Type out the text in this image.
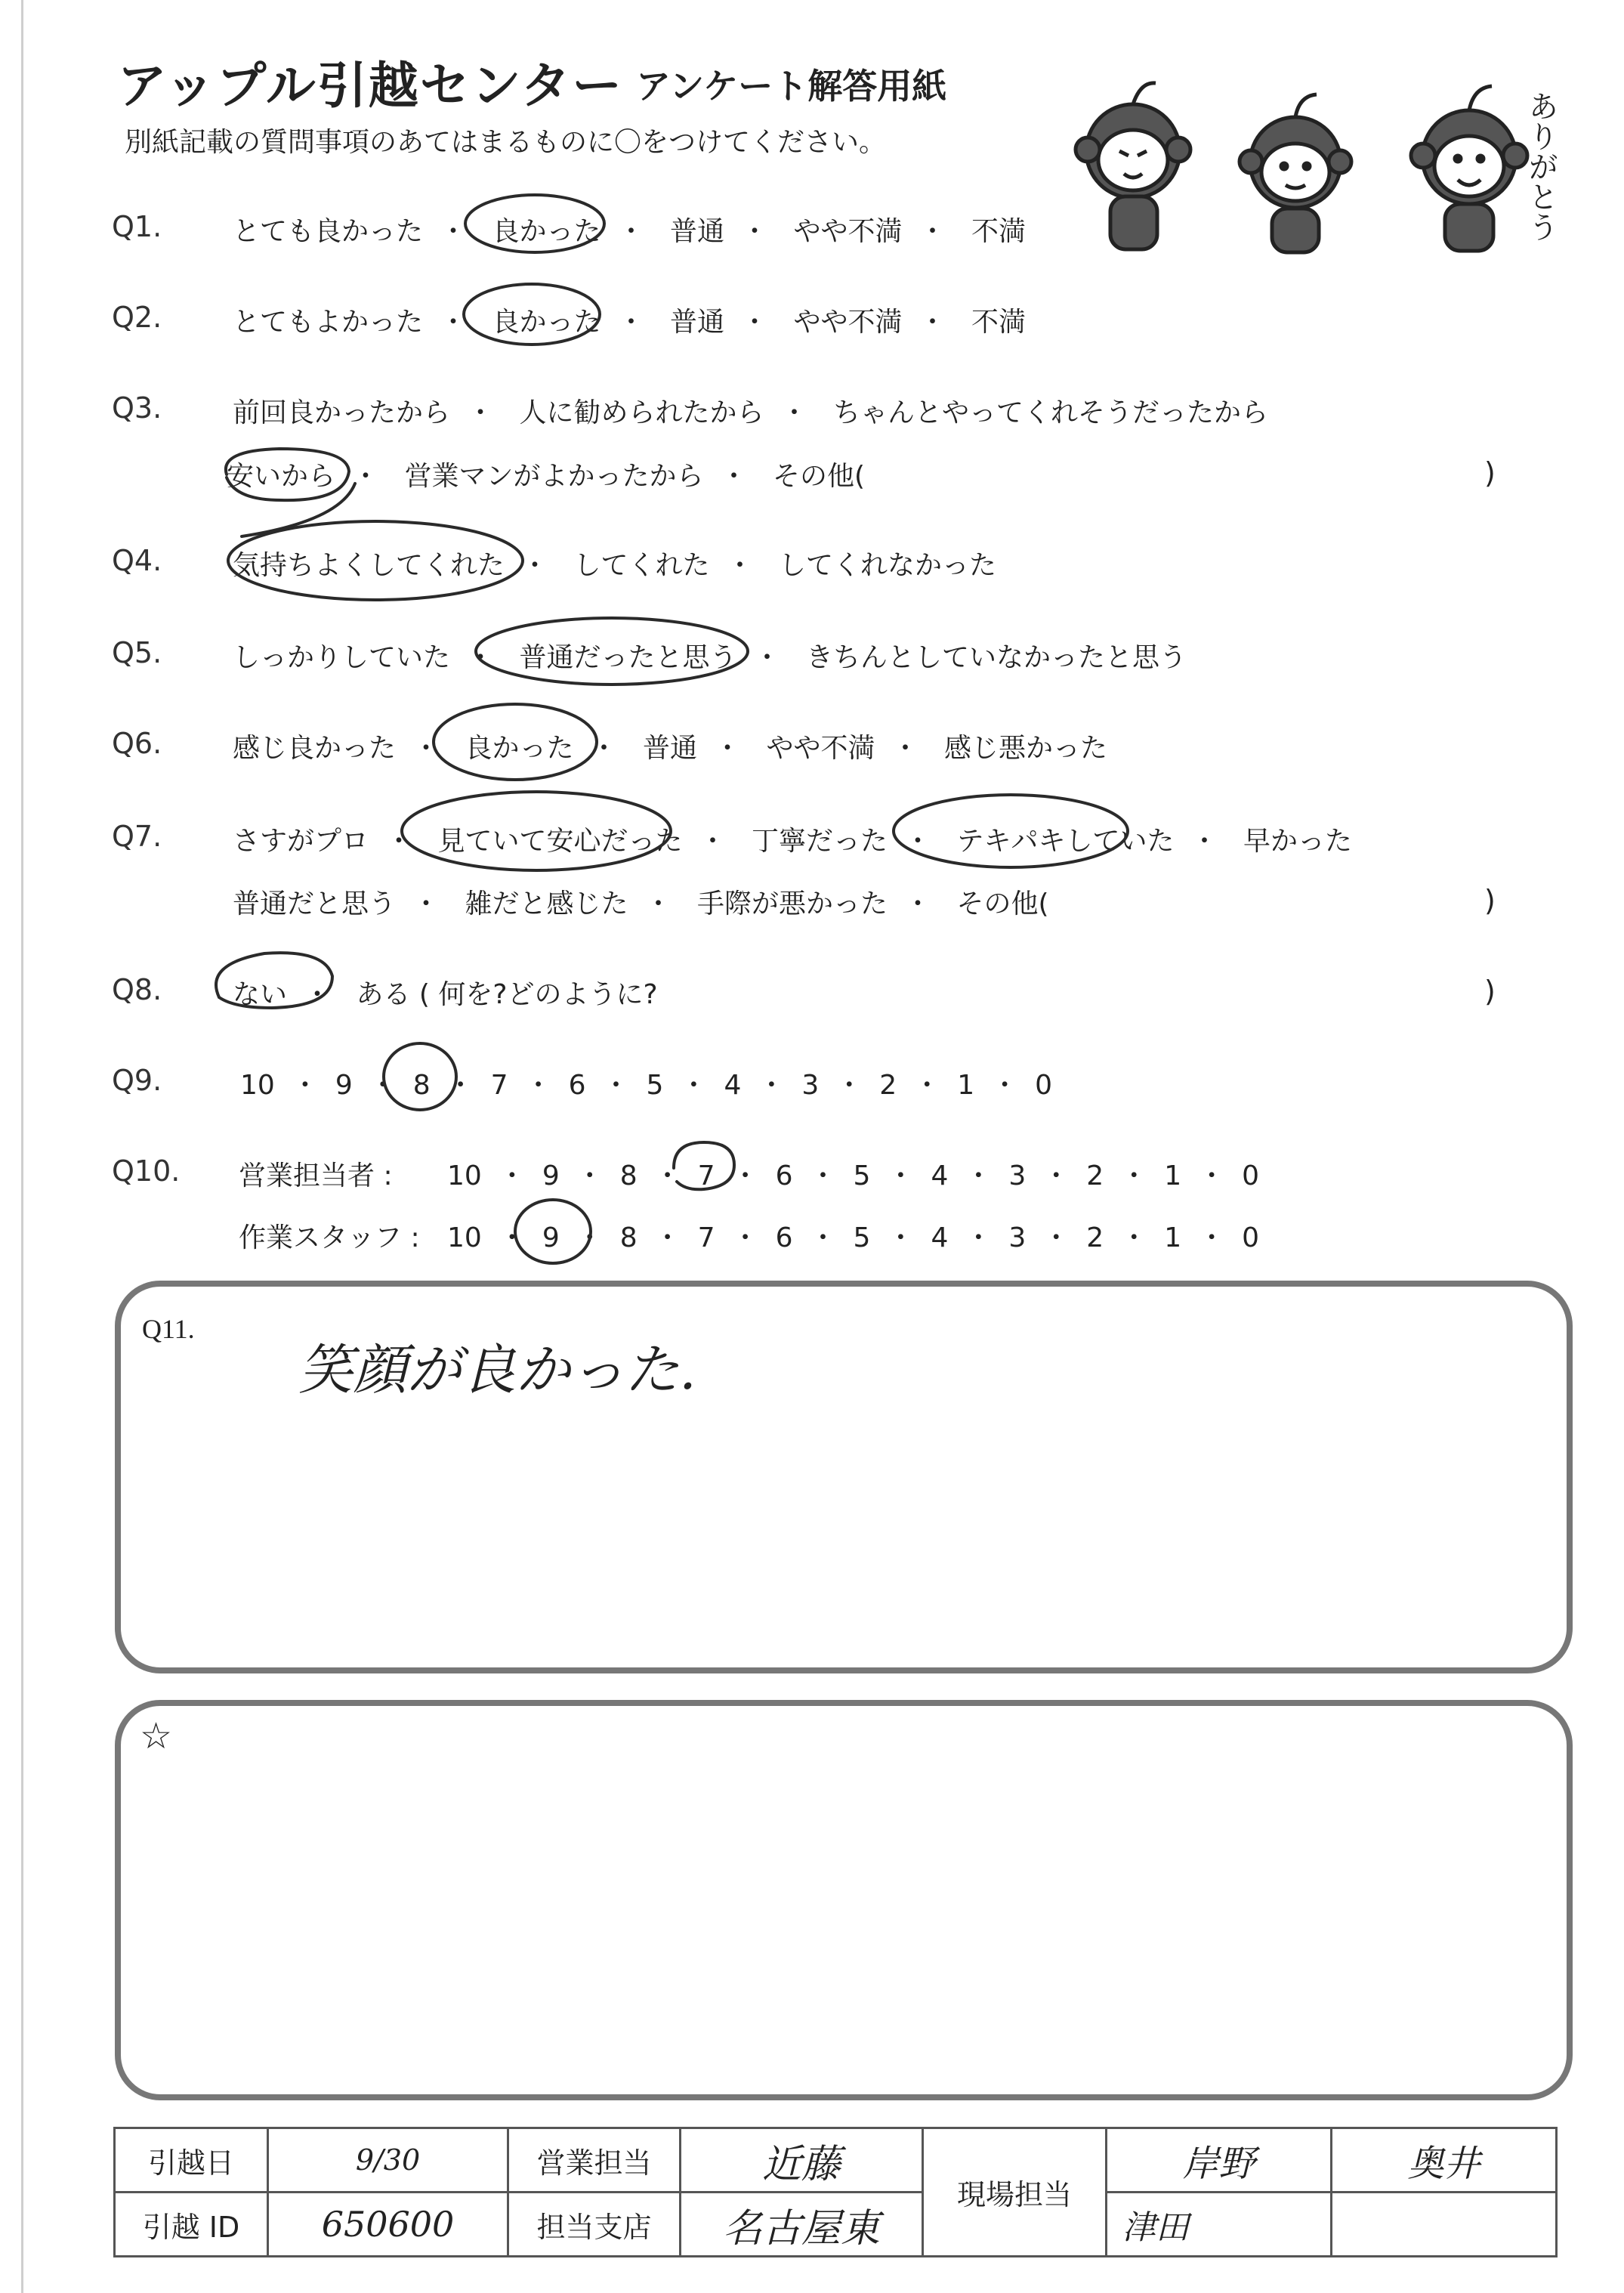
アップル引越センター アンケート解答用紙
別紙記載の質問事項のあてはまるものに〇をつけてください。	ありがとう
Q1.	とても良かった ・ 良かった ・ 普通 ・ やや不満 ・ 不満
Q2.	とてもよかった ・ 良かった ・ 普通 ・ やや不満 ・ 不満
Q3.	前回良かったから ・ 人に勧められたから ・ ちゃんとやってくれそうだったから
安いから ・ 営業マンがよかったから ・ その他(	)
Q4.	気持ちよくしてくれた ・ してくれた ・ してくれなかった
Q5.	しっかりしていた ・ 普通だったと思う ・ きちんとしていなかったと思う
Q6.	感じ良かった ・ 良かった ・ 普通 ・ やや不満 ・ 感じ悪かった
Q7.	さすがプロ ・ 見ていて安心だった ・ 丁寧だった ・ テキパキしていた ・ 早かった
普通だと思う ・ 雑だと感じた ・ 手際が悪かった ・ その他(	)
Q8.	ない ・ ある ( 何を?どのように?	)
Q9.	10 ・ 9 ・ 8 ・ 7 ・ 6 ・ 5 ・ 4 ・ 3 ・ 2 ・ 1 ・ 0
Q10. 営業担当者 : 10 ・ 9 ・ 8 ・ 7 ・ 6 ・ 5 ・ 4 ・ 3 ・ 2 ・ 1 ・ 0
作業スタッフ : 10 ・ 9 ・ 8 ・ 7 ・ 6 ・ 5 ・ 4 ・ 3 ・ 2 ・ 1 ・ 0
Q11.
笑顔が良かった.
☆
引越日	9/30	営業担当	近藤	現場担当	岸野	奥井
引越 ID	650600	担当支店	名古屋東		津田	
